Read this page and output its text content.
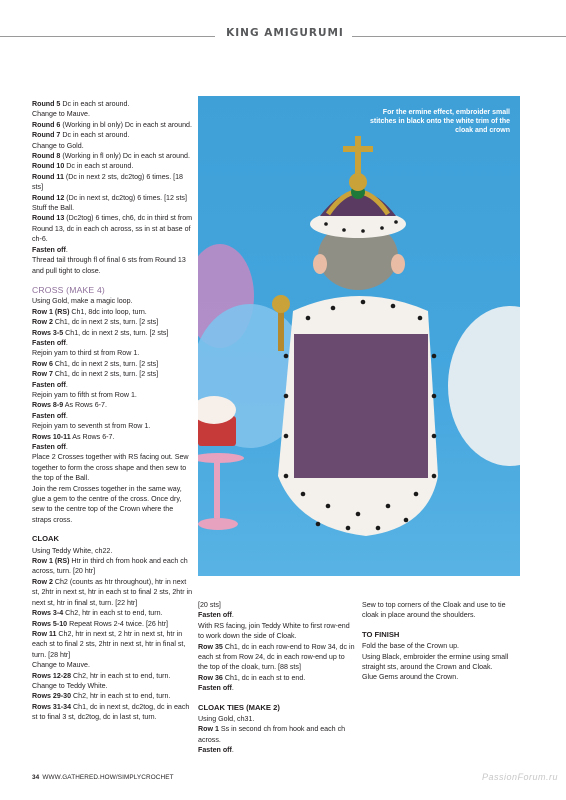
KING AMIGURUMI

Round 5 Dc in each st around.

Change to Mauve.

Round 6 (Working in bl only) Dc in each st around.

Round 7 Dc in each st around.

Change to Gold.

Round 8 (Working in fl only) Dc in each st around.

Round 10 Dc in each st around.

Round 11 (Dc in next 2 sts, dc2tog) 6 times. [18 sts]

Round 12 (Dc in next st, dc2tog) 6 times. [12 sts]

Stuff the Ball.

Round 13 (Dc2tog) 6 times, ch6, dc in third st from Round 13, dc in each ch across, ss in st at base of ch-6.

Fasten off.

Thread tail through fl of final 6 sts from Round 13 and pull tight to close.

CROSS (MAKE 4)

Using Gold, make a magic loop.

Row 1 (RS) Ch1, 8dc into loop, turn.

Row 2 Ch1, dc in next 2 sts, turn. [2 sts]

Rows 3-5 Ch1, dc in next 2 sts, turn. [2 sts]

Fasten off.

Rejoin yarn to third st from Row 1.

Row 6 Ch1, dc in next 2 sts, turn. [2 sts]

Row 7 Ch1, dc in next 2 sts, turn. [2 sts]

Fasten off.

Rejoin yarn to fifth st from Row 1.

Rows 8-9 As Rows 6-7.

Fasten off.

Rejoin yarn to seventh st from Row 1.

Rows 10-11 As Rows 6-7.

Fasten off.

Place 2 Crosses together with RS facing out. Sew together to form the cross shape and then sew to the top of the Ball.

Join the rem Crosses together in the same way, glue a gem to the centre of the cross. Once dry, sew to the centre top of the Crown where the straps cross.

CLOAK

Using Teddy White, ch22.

Row 1 (RS) Htr in third ch from hook and each ch across, turn. [20 htr]

Row 2 Ch2 (counts as htr throughout), htr in next st, 2htr in next st, htr in each st to final 2 sts, 2htr in next st, htr in final st, turn. [22 htr]

Rows 3-4 Ch2, htr in each st to end, turn.

Rows 5-10 Repeat Rows 2-4 twice. [26 htr]

Row 11 Ch2, htr in next st, 2 htr in next st, htr in each st to final 2 sts, 2htr in next st, htr in final st, turn. [28 htr]

Change to Mauve.

Rows 12-28 Ch2, htr in each st to end, turn.

Change to Teddy White.

Rows 29-30 Ch2, htr in each st to end, turn.

Rows 31-34 Ch1, dc in next st, dc2tog, dc in each st to final 3 st, dc2tog, dc in last st, turn.

[20 sts]

Fasten off.

With RS facing, join Teddy White to first row-end to work down the side of Cloak.

Row 35 Ch1, dc in each row-end to Row 34, dc in each st from Row 24, dc in each row-end up to the top of the cloak, turn. [88 sts]

Row 36 Ch1, dc in each st to end.

Fasten off.

CLOAK TIES (MAKE 2)

Using Gold, ch31.

Row 1 Ss in second ch from hook and each ch across.

Fasten off.

Sew to top corners of the Cloak and use to tie cloak in place around the shoulders.

TO FINISH

Fold the base of the Crown up.

Using Black, embroider the ermine using small straight sts, around the Crown and Cloak.

Glue Gems around the Crown.

For the ermine effect, embroider small stitches in black onto the white trim of the cloak and crown
34 WWW.GATHERED.HOW/SIMPLYCROCHET	PassionForum.ru
